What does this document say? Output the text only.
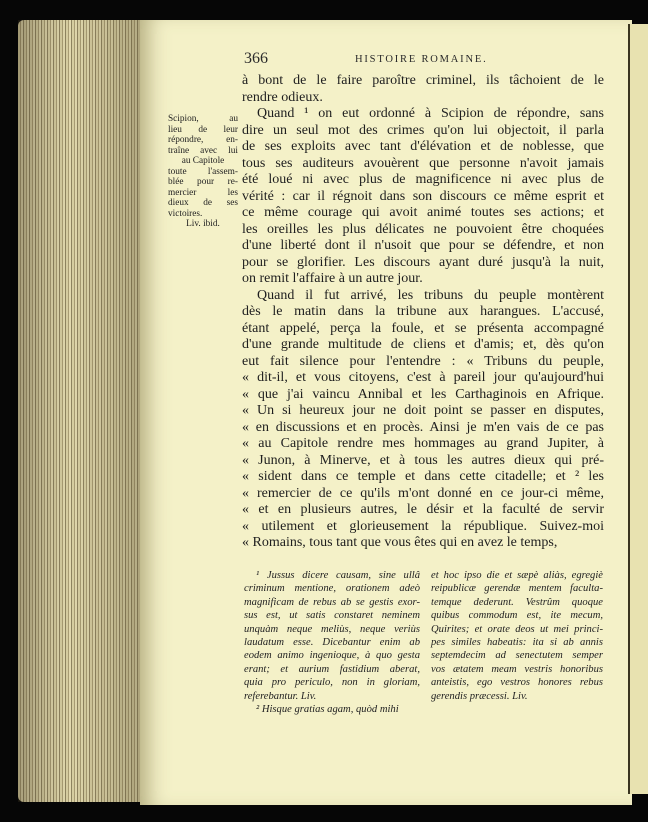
366	HISTOIRE ROMAINE.
à bont de le faire paroître criminel, ils tâchoient de le
rendre odieux.
Quand ¹ on eut ordonné à Scipion de répondre, sans
dire un seul mot des crimes qu'on lui objectoit, il parla
de ses exploits avec tant d'élévation et de noblesse, que
tous ses auditeurs avouèrent que personne n'avoit jamais
été loué ni avec plus de magnificence ni avec plus de
vérité : car il régnoit dans son discours ce même esprit et
ce même courage qui avoit animé toutes ses actions; et
les oreilles les plus délicates ne pouvoient être choquées
d'une liberté dont il n'usoit que pour se défendre, et non
pour se glorifier. Les discours ayant duré jusqu'à la nuit,
on remit l'affaire à un autre jour.
Quand il fut arrivé, les tribuns du peuple montèrent
dès le matin dans la tribune aux harangues. L'accusé,
étant appelé, perça la foule, et se présenta accompagné
d'une grande multitude de cliens et d'amis; et, dès qu'on
eut fait silence pour l'entendre : « Tribuns du peuple,
« dit-il, et vous citoyens, c'est à pareil jour qu'aujourd'hui
« que j'ai vaincu Annibal et les Carthaginois en Afrique.
« Un si heureux jour ne doit point se passer en disputes,
« en discussions et en procès. Ainsi je m'en vais de ce pas
« au Capitole rendre mes hommages au grand Jupiter, à
« Junon, à Minerve, et à tous les autres dieux qui pré-
« sident dans ce temple et dans cette citadelle; et ² les
« remercier de ce qu'ils m'ont donné en ce jour-ci même,
« et en plusieurs autres, le désir et la faculté de servir
« utilement et glorieusement la république. Suivez-moi
« Romains, tous tant que vous êtes qui en avez le temps,
Scipion, au
lieu de leur
répondre, en-
traîne avec lui
au Capitole
toute l'assem-
blée pour re-
mercier les
dieux de ses
victoires.
Liv. ibid.
¹ Jussus dicere causam, sine ullâ
criminum mentione, orationem adeò
magnificam de rebus ab se gestis exor-
sus est, ut satis constaret neminem
unquàm neque meliùs, neque veriùs
laudatum esse. Dicebantur enim ab
eodem animo ingenioque, à quo gesta
erant; et aurium fastidium aberat,
quia pro periculo, non in gloriam,
referebantur. Liv.
² Hisque gratias agam, quòd mihi
et hoc ipso die et sæpè aliàs, egregiè
reipublicæ gerendæ mentem faculta-
temque dederunt. Vestrûm quoque
quibus commodum est, ite mecum,
Quirites; et orate deos ut mei princi-
pes similes habeatis: ita si ab annis
septemdecim ad senectutem semper
vos ætatem meam vestris honoribus
anteistis, ego vestros honores rebus
gerendis præcessi. Liv.
